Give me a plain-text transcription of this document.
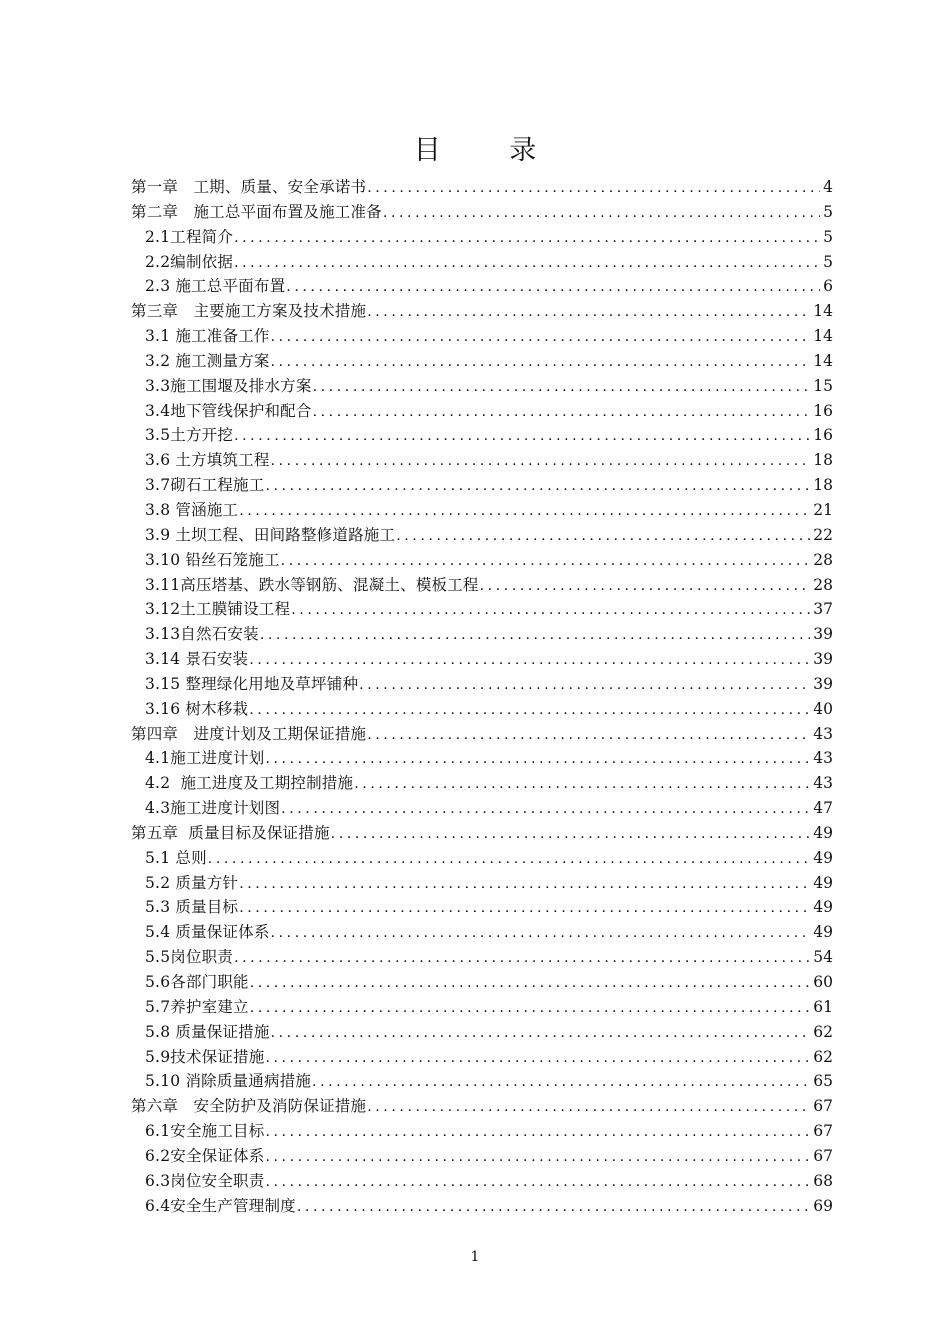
目 录
第一章   工期、质量、安全承诺书 .....	4
第二章   施工总平面布置及施工准备 .....	5
2.1工程简介 .....	5
2.2编制依据 .....	5
2.3 施工总平面布置 .....	6
第三章   主要施工方案及技术措施 .....	14
3.1 施工准备工作 .....	14
3.2 施工测量方案 .....	14
3.3施工围堰及排水方案 .....	15
3.4地下管线保护和配合 .....	16
3.5土方开挖 .....	16
3.6 土方填筑工程 .....	18
3.7砌石工程施工 .....	18
3.8 管涵施工 .....	21
3.9 土坝工程、田间路整修道路施工 .....	22
3.10 铅丝石笼施工 .....	28
3.11高压塔基、跌水等钢筋、混凝土、模板工程 .....	28
3.12土工膜铺设工程 .....	37
3.13自然石安装 .....	39
3.14 景石安装 .....	39
3.15 整理绿化用地及草坪铺种 .....	39
3.16 树木移栽 .....	40
第四章   进度计划及工期保证措施 .....	43
4.1施工进度计划 .....	43
4.2  施工进度及工期控制措施 .....	43
4.3施工进度计划图 .....	47
第五章  质量目标及保证措施 .....	49
5.1 总则 .....	49
5.2 质量方针 .....	49
5.3 质量目标 .....	49
5.4 质量保证体系 .....	49
5.5岗位职责 .....	54
5.6各部门职能 .....	60
5.7养护室建立 .....	61
5.8 质量保证措施 .....	62
5.9技术保证措施 .....	62
5.10 消除质量通病措施 .....	65
第六章   安全防护及消防保证措施 .....	67
6.1安全施工目标 .....	67
6.2安全保证体系 .....	67
6.3岗位安全职责 .....	68
6.4安全生产管理制度 .....	69
1
